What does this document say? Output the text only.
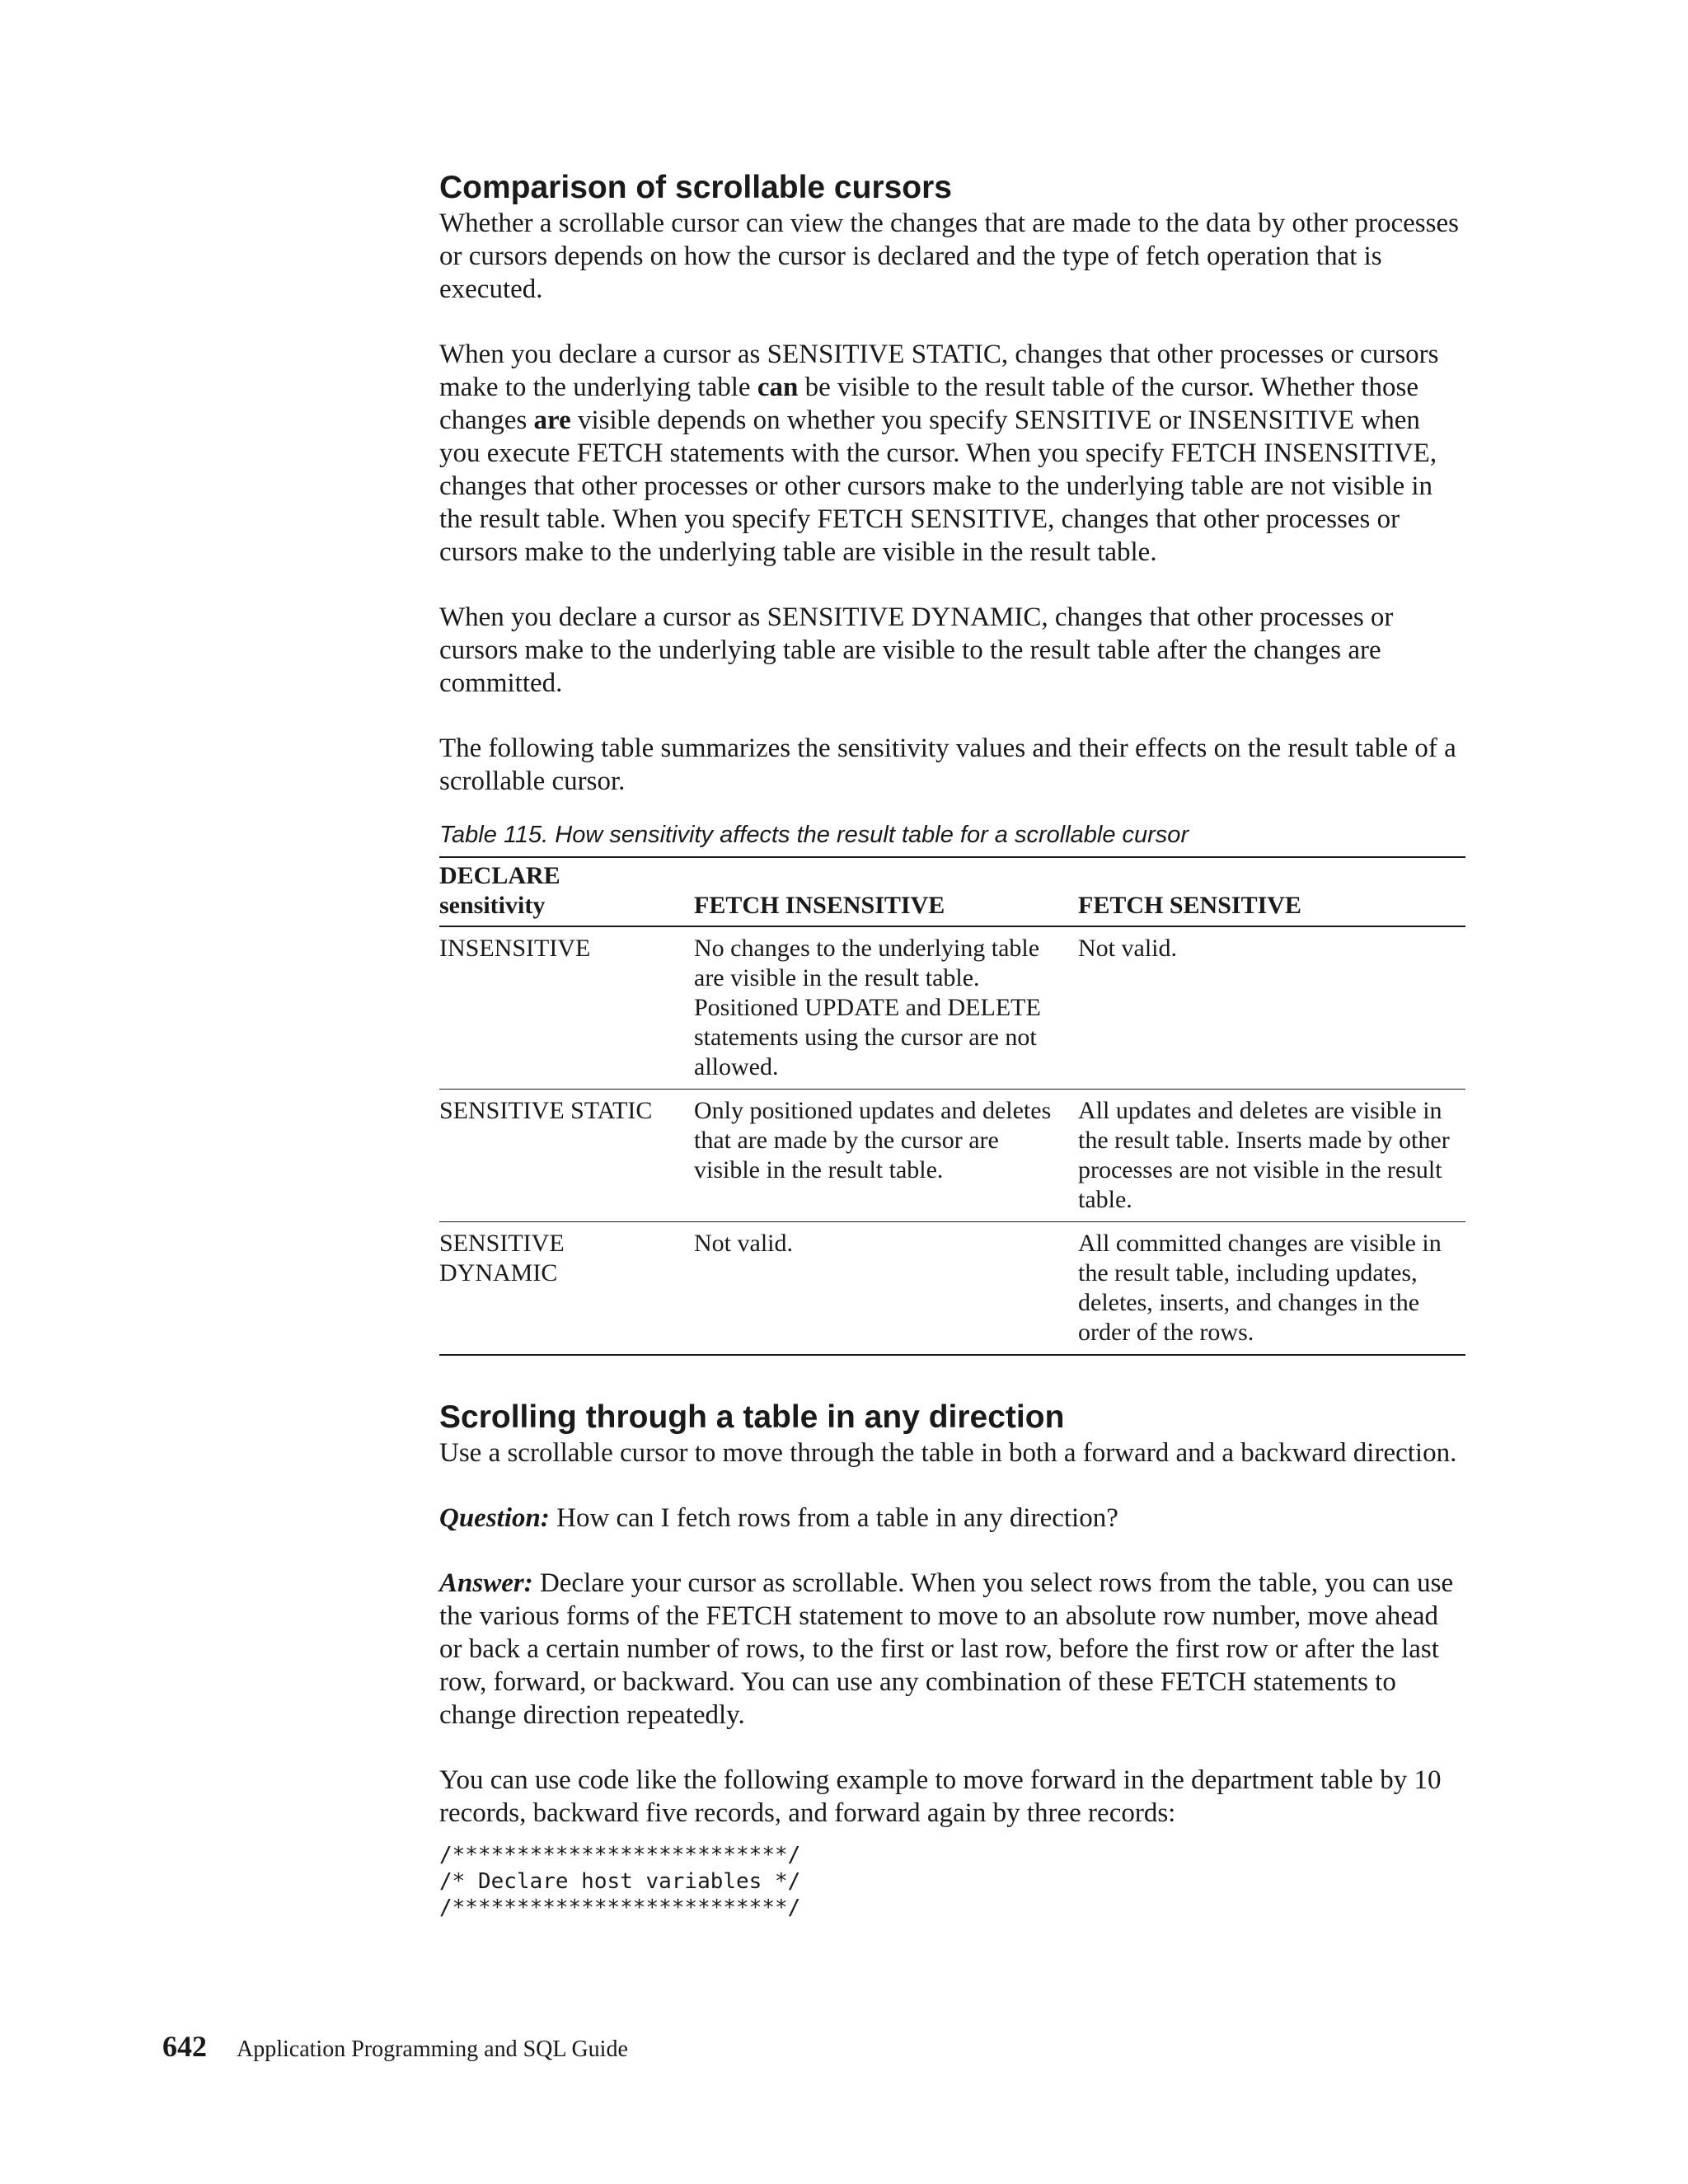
Comparison of scrollable cursors

Whether a scrollable cursor can view the changes that are made to the data by other processes or cursors depends on how the cursor is declared and the type of fetch operation that is executed.

When you declare a cursor as SENSITIVE STATIC, changes that other processes or cursors make to the underlying table can be visible to the result table of the cursor. Whether those changes are visible depends on whether you specify SENSITIVE or INSENSITIVE when you execute FETCH statements with the cursor. When you specify FETCH INSENSITIVE, changes that other processes or other cursors make to the underlying table are not visible in the result table. When you specify FETCH SENSITIVE, changes that other processes or cursors make to the underlying table are visible in the result table.

When you declare a cursor as SENSITIVE DYNAMIC, changes that other processes or cursors make to the underlying table are visible to the result table after the changes are committed.

The following table summarizes the sensitivity values and their effects on the result table of a scrollable cursor.

Table 115. How sensitivity affects the result table for a scrollable cursor
DECLARE sensitivity	FETCH INSENSITIVE	FETCH SENSITIVE
INSENSITIVE	No changes to the underlying table are visible in the result table. Positioned UPDATE and DELETE statements using the cursor are not allowed.	Not valid.
SENSITIVE STATIC	Only positioned updates and deletes that are made by the cursor are visible in the result table.	All updates and deletes are visible in the result table. Inserts made by other processes are not visible in the result table.
SENSITIVE DYNAMIC	Not valid.	All committed changes are visible in the result table, including updates, deletes, inserts, and changes in the order of the rows.
Scrolling through a table in any direction

Use a scrollable cursor to move through the table in both a forward and a backward direction.

Question: How can I fetch rows from a table in any direction?

Answer: Declare your cursor as scrollable. When you select rows from the table, you can use the various forms of the FETCH statement to move to an absolute row number, move ahead or back a certain number of rows, to the first or last row, before the first row or after the last row, forward, or backward. You can use any combination of these FETCH statements to change direction repeatedly.

You can use code like the following example to move forward in the department table by 10 records, backward five records, and forward again by three records:

/**************************/
/* Declare host variables */
/**************************/
642 Application Programming and SQL Guide
